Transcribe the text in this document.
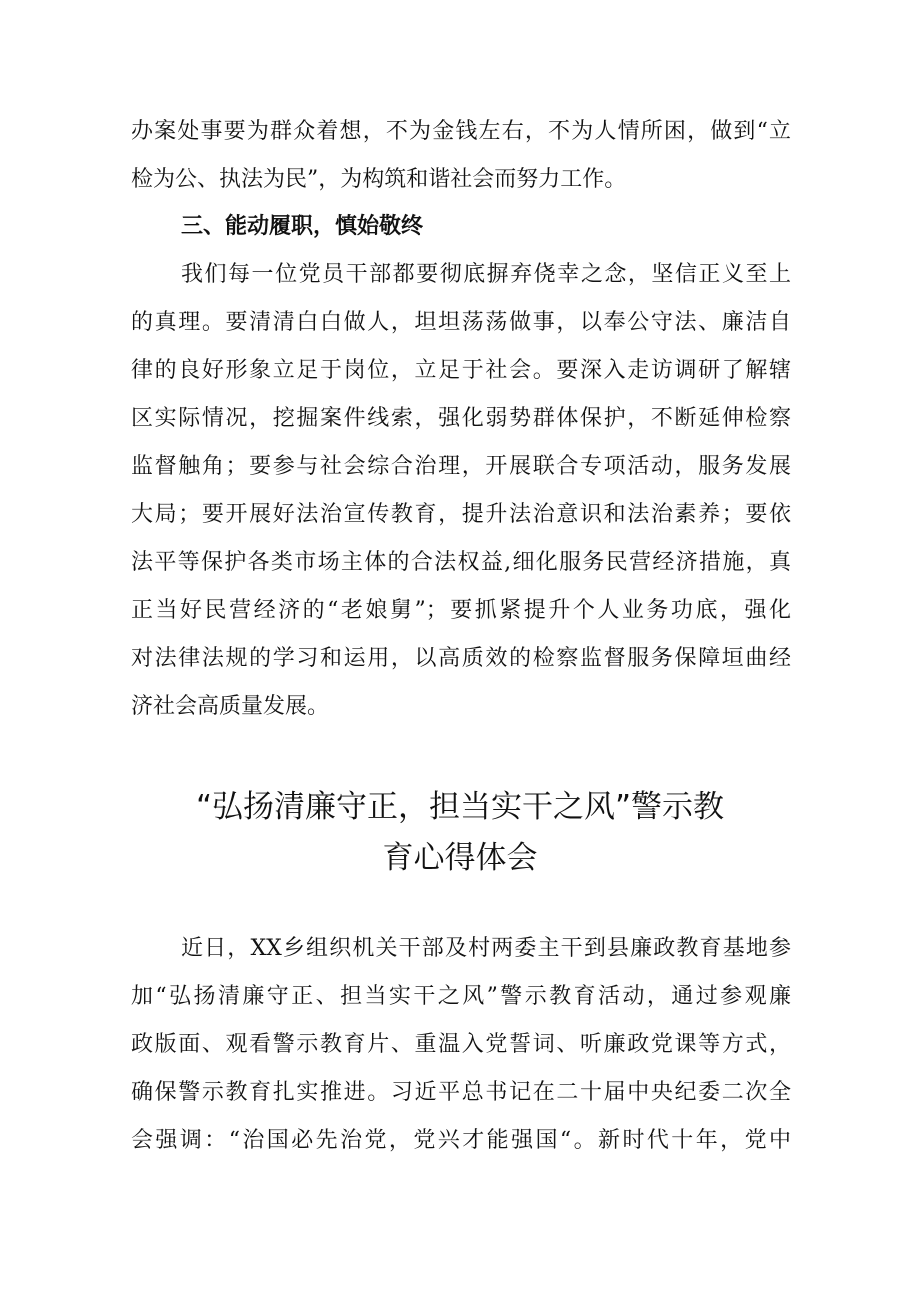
办案处事要为群众着想，不为金钱左右，不为人情所困，做到“立
检为公、执法为民”，为构筑和谐社会而努力工作。
三、能动履职，慎始敬终
我们每一位党员干部都要彻底摒弃侥幸之念，坚信正义至上
的真理。要清清白白做人，坦坦荡荡做事，以奉公守法、廉洁自
律的良好形象立足于岗位，立足于社会。要深入走访调研了解辖
区实际情况，挖掘案件线索，强化弱势群体保护，不断延伸检察
监督触角；要参与社会综合治理，开展联合专项活动，服务发展
大局；要开展好法治宣传教育，提升法治意识和法治素养；要依
法平等保护各类市场主体的合法权益,细化服务民营经济措施，真
正当好民营经济的“老娘舅”；要抓紧提升个人业务功底，强化
对法律法规的学习和运用，以高质效的检察监督服务保障垣曲经
济社会高质量发展。
“弘扬清廉守正，担当实干之风”警示教
育心得体会
近日，XX乡组织机关干部及村两委主干到县廉政教育基地参
加“弘扬清廉守正、担当实干之风”警示教育活动，通过参观廉
政版面、观看警示教育片、重温入党誓词、听廉政党课等方式，
确保警示教育扎实推进。习近平总书记在二十届中央纪委二次全
会强调：“治国必先治党，党兴才能强国“。新时代十年，党中
